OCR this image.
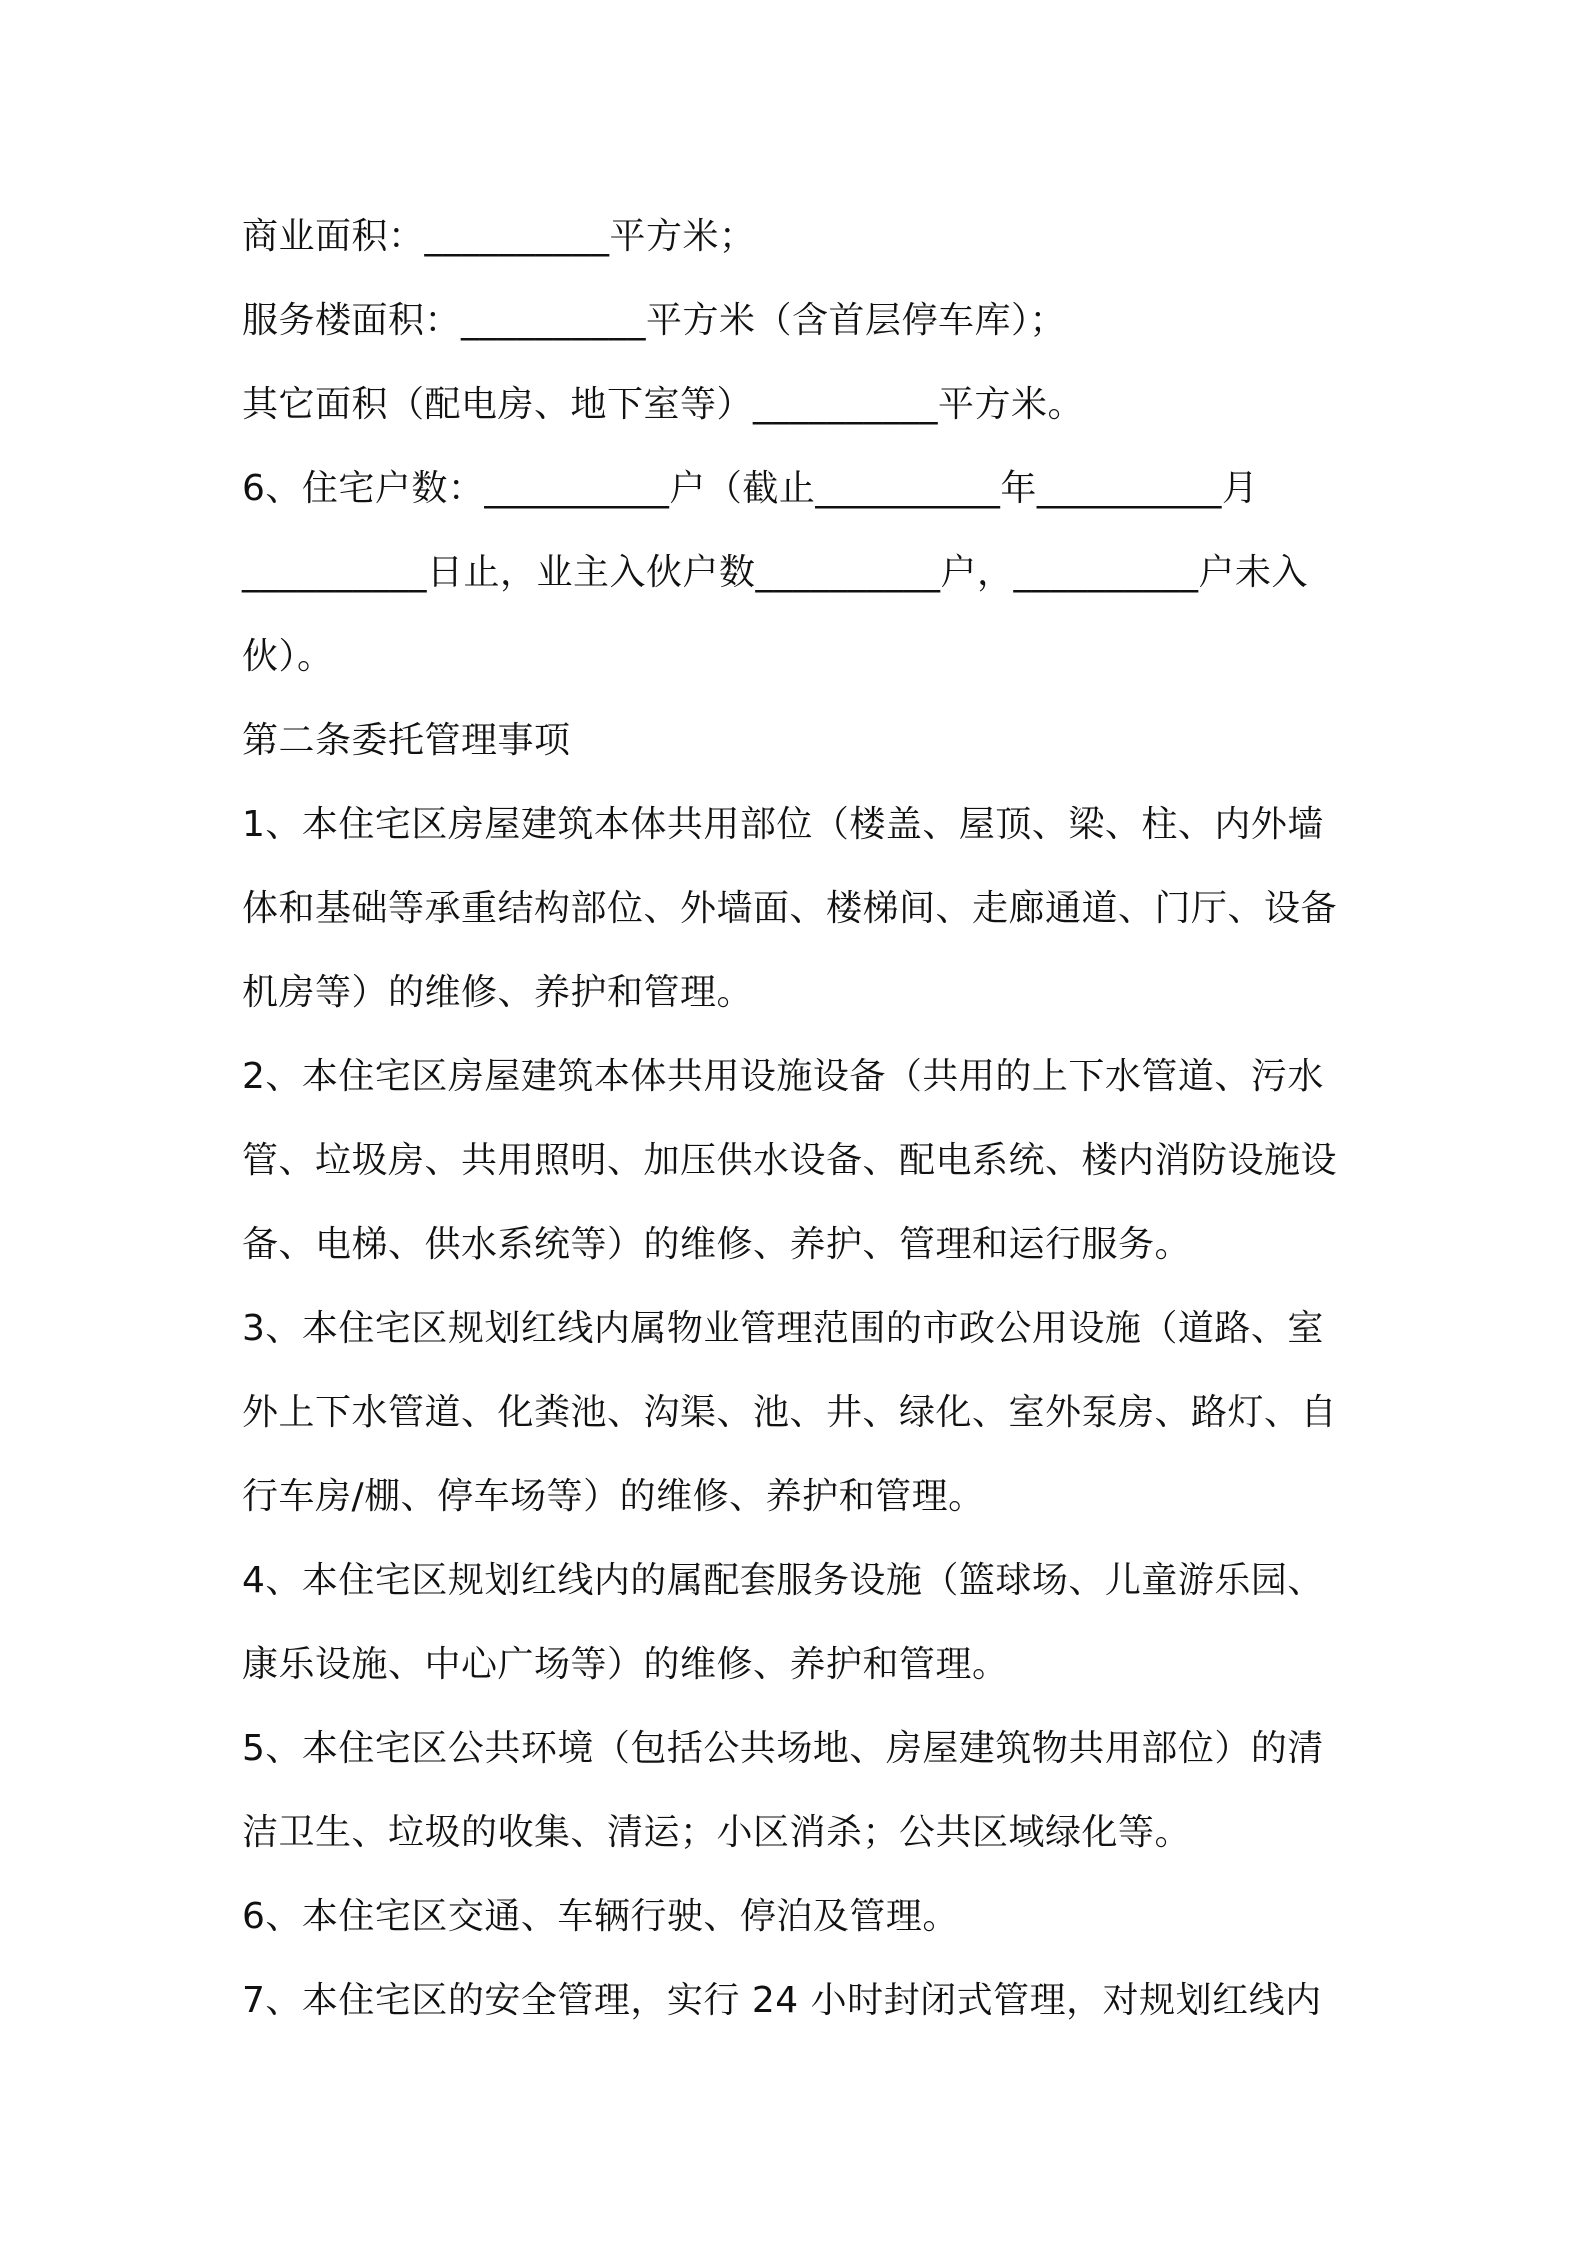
商业面积：__________平方米；
服务楼面积：__________平方米（含首层停车库）；
其它面积（配电房、地下室等）__________平方米。
6、住宅户数：__________户（截止__________年__________月
__________日止，业主入伙户数__________户，__________户未入
伙）。
第二条委托管理事项
1、本住宅区房屋建筑本体共用部位（楼盖、屋顶、梁、柱、内外墙
体和基础等承重结构部位、外墙面、楼梯间、走廊通道、门厅、设备
机房等）的维修、养护和管理。
2、本住宅区房屋建筑本体共用设施设备（共用的上下水管道、污水
管、垃圾房、共用照明、加压供水设备、配电系统、楼内消防设施设
备、电梯、供水系统等）的维修、养护、管理和运行服务。
3、本住宅区规划红线内属物业管理范围的市政公用设施（道路、室
外上下水管道、化粪池、沟渠、池、井、绿化、室外泵房、路灯、自
行车房/棚、停车场等）的维修、养护和管理。
4、本住宅区规划红线内的属配套服务设施（篮球场、儿童游乐园、
康乐设施、中心广场等）的维修、养护和管理。
5、本住宅区公共环境（包括公共场地、房屋建筑物共用部位）的清
洁卫生、垃圾的收集、清运；小区消杀；公共区域绿化等。
6、本住宅区交通、车辆行驶、停泊及管理。
7、本住宅区的安全管理，实行 24 小时封闭式管理，对规划红线内
